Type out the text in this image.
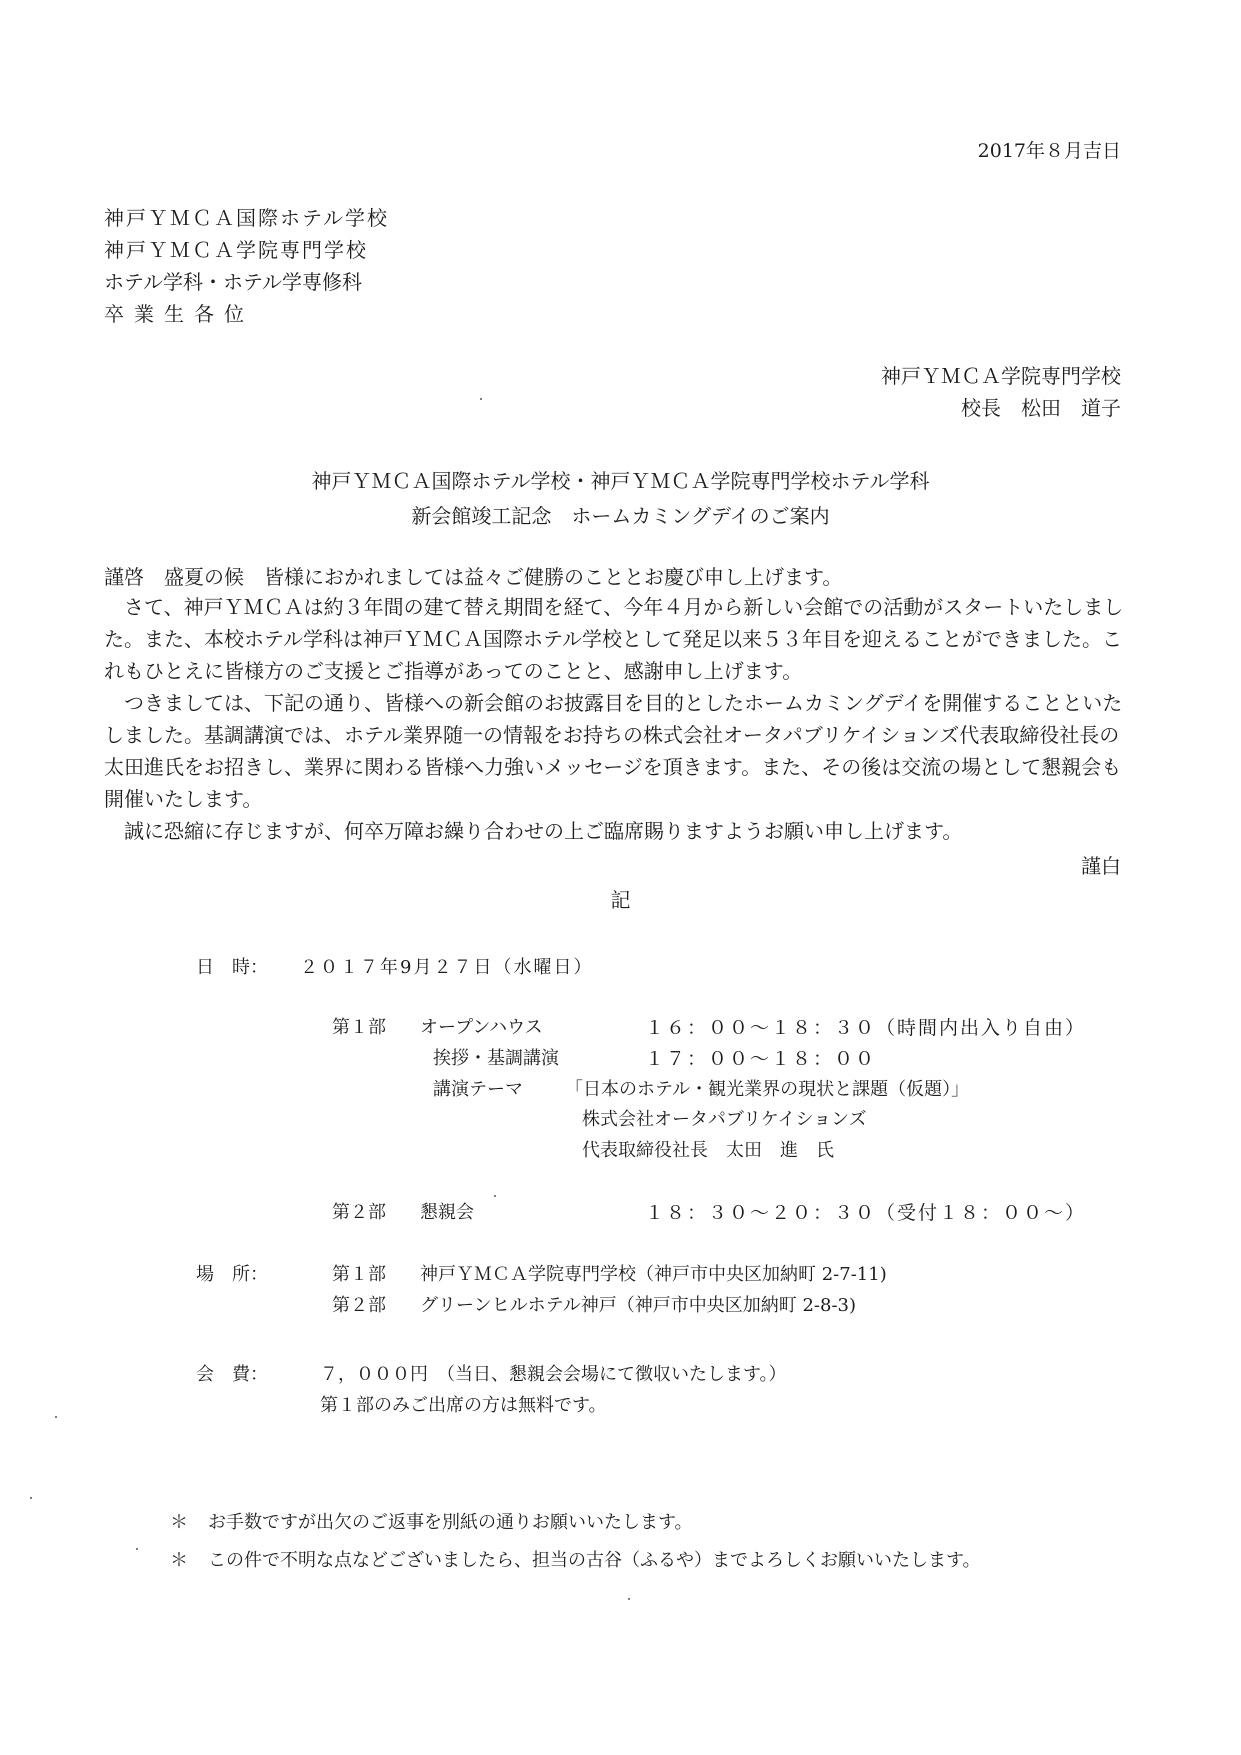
2017年８月吉日
神戸ＹＭＣＡ国際ホテル学校
神戸ＹＭＣＡ学院専門学校
ホテル学科・ホテル学専修科
卒業生各位
神戸ＹＭＣＡ学院専門学校
校長　松田　道子
神戸ＹＭＣＡ国際ホテル学校・神戸ＹＭＣＡ学院専門学校ホテル学科
新会館竣工記念　ホームカミングデイのご案内
謹啓　盛夏の候　皆様におかれましては益々ご健勝のこととお慶び申し上げます。
さて、神戸ＹＭＣＡは約３年間の建て替え期間を経て、今年４月から新しい会館での活動がスタートいたしました。また、本校ホテル学科は神戸ＹＭＣＡ国際ホテル学校として発足以来５３年目を迎えることができました。これもひとえに皆様方のご支援とご指導があってのことと、感謝申し上げます。
つきましては、下記の通り、皆様への新会館のお披露目を目的としたホームカミングデイを開催することといたしました。基調講演では、ホテル業界随一の情報をお持ちの株式会社オータパブリケイションズ代表取締役社長の太田進氏をお招きし、業界に関わる皆様へ力強いメッセージを頂きます。また、その後は交流の場として懇親会も開催いたします。
誠に恐縮に存じますが、何卒万障お繰り合わせの上ご臨席賜りますようお願い申し上げます。
謹白
記
日　時： ２０１７年9月２７日（水曜日）
第１部 オープンハウス	１６：００～１８：３０（時間内出入り自由）
挨拶・基調講演	１７：００～１８：００
講演テーマ 「日本のホテル・観光業界の現状と課題（仮題）」
株式会社オータパブリケイションズ
代表取締役社長　太田　進　氏
第２部 懇親会	１８：３０～２０：３０（受付１８：００～）
場　所：	第１部 神戸ＹＭＣＡ学院専門学校（神戸市中央区加納町 2-7-11)
第２部 グリーンヒルホテル神戸（神戸市中央区加納町 2-8-3)
会　費：	７，０００円　（当日、懇親会会場にて徴収いたします。）
第１部のみご出席の方は無料です。
＊ お手数ですが出欠のご返事を別紙の通りお願いいたします。
＊ この件で不明な点などございましたら、担当の古谷（ふるや）までよろしくお願いいたします。
